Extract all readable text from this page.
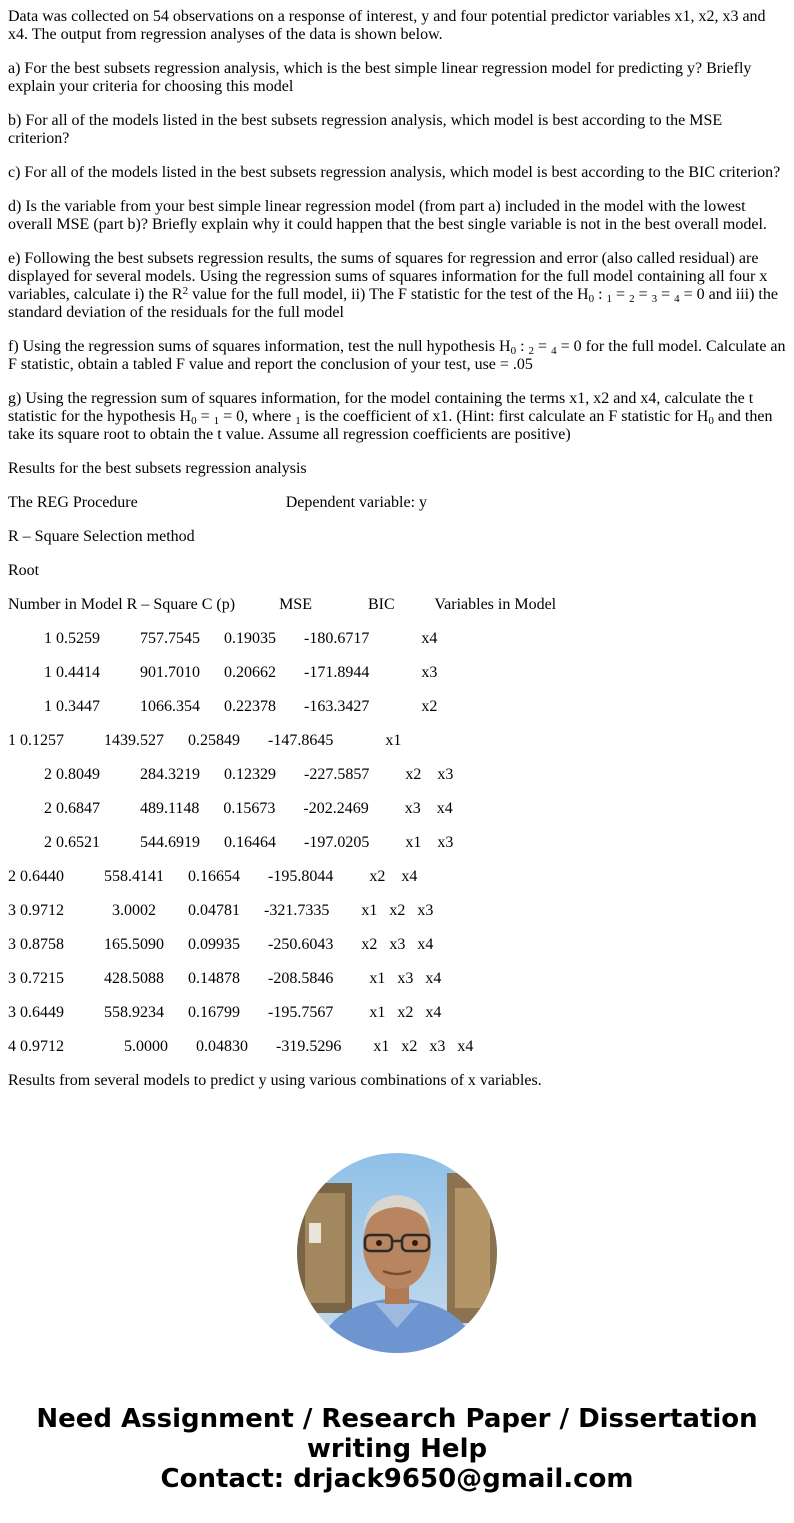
Data was collected on 54 observations on a response of interest, y and four potential predictor variables x1, x2, x3 and x4. The output from regression analyses of the data is shown below.

a) For the best subsets regression analysis, which is the best simple linear regression model for predicting y? Briefly explain your criteria for choosing this model

b) For all of the models listed in the best subsets regression analysis, which model is best according to the MSE criterion?

c) For all of the models listed in the best subsets regression analysis, which model is best according to the BIC criterion?

d) Is the variable from your best simple linear regression model (from part a) included in the model with the lowest overall MSE (part b)? Briefly explain why it could happen that the best single variable is not in the best overall model.

e) Following the best subsets regression results, the sums of squares for regression and error (also called residual) are displayed for several models. Using the regression sums of squares information for the full model containing all four x variables, calculate i) the $R^2$ value for the full model, ii) The F statistic for the test of the $H_0$ : $_1$ = $_2$ = $_3$ = $_4$ = 0 and iii) the standard deviation of the residuals for the full model

f) Using the regression sums of squares information, test the null hypothesis $H_0$ : $_2$ = $_4$ = 0 for the full model. Calculate an F statistic, obtain a tabled F value and report the conclusion of your test, use = .05

g) Using the regression sum of squares information, for the model containing the terms x1, x2 and x4, calculate the t statistic for the hypothesis $H_0 = _1 = 0$, where $_1$ is the coefficient of x1. (Hint: first calculate an F statistic for $H_0$ and then take its square root to obtain the t value. Assume all regression coefficients are positive)

Results for the best subsets regression analysis

The REG Procedure                                     Dependent variable: y
R – Square Selection method
Root
Number in Model R – Square C (p)           MSE              BIC          Variables in Model
1 0.5259          757.7545      0.19035       -180.6717             x4
1 0.4414          901.7010      0.20662       -171.8944             x3
1 0.3447          1066.354      0.22378       -163.3427             x2
1 0.1257          1439.527      0.25849       -147.8645             x1
2 0.8049          284.3219      0.12329       -227.5857         x2    x3
2 0.6847          489.1148      0.15673       -202.2469         x3    x4
2 0.6521          544.6919      0.16464       -197.0205         x1    x3
2 0.6440          558.4141      0.16654       -195.8044         x2    x4
3 0.9712            3.0002        0.04781      -321.7335        x1   x2   x3
3 0.8758          165.5090      0.09935       -250.6043       x2   x3   x4
3 0.7215          428.5088      0.14878       -208.5846         x1   x3   x4
3 0.6449          558.9234      0.16799       -195.7567         x1   x2   x4
4 0.9712               5.0000       0.04830       -319.5296        x1   x2   x3   x4

Results from several models to predict y using various combinations of x variables.

Need Assignment / Research Paper / Dissertation
writing Help
Contact: drjack9650@gmail.com
